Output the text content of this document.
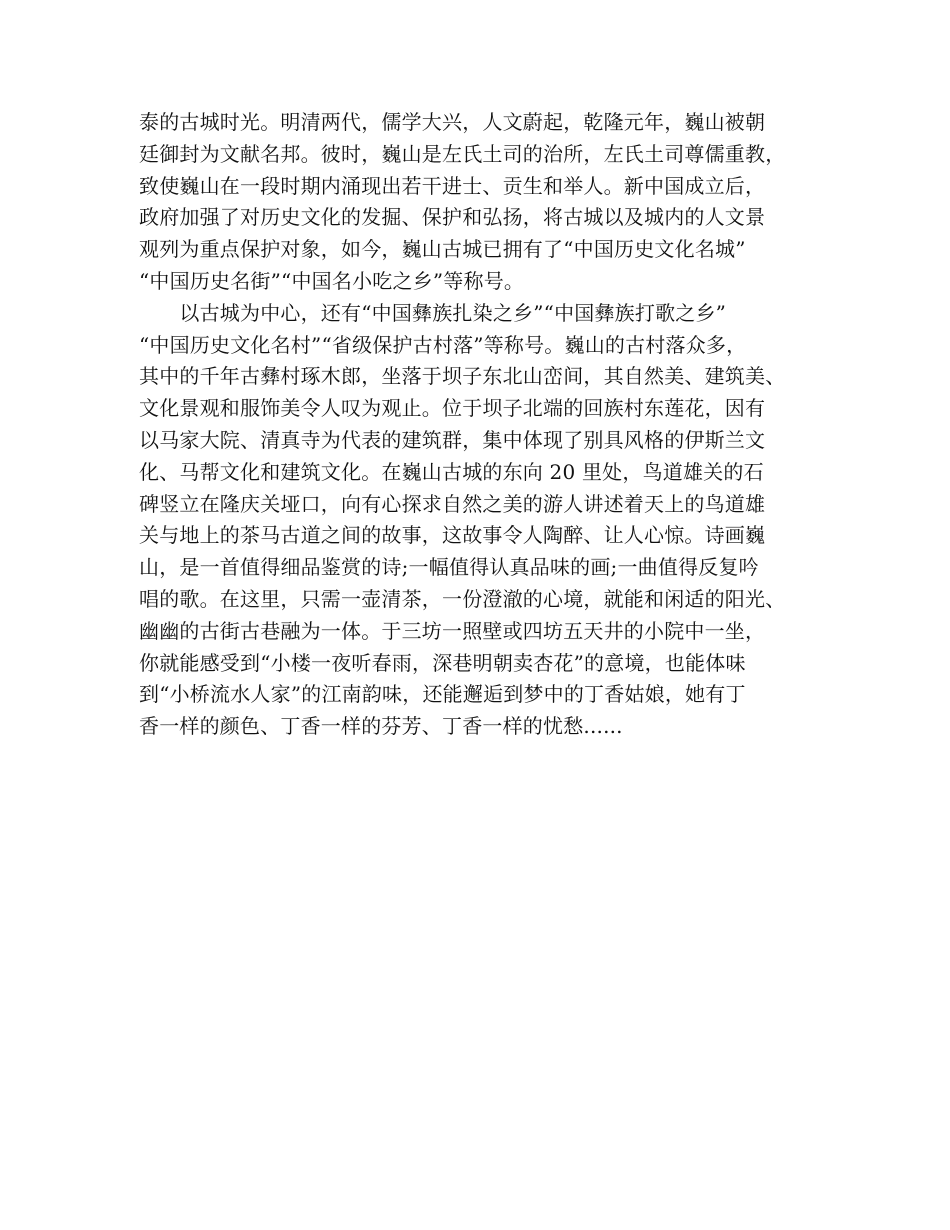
泰的古城时光。明清两代，儒学大兴，人文蔚起，乾隆元年，巍山被朝
廷御封为文献名邦。彼时，巍山是左氏土司的治所，左氏土司尊儒重教，
致使巍山在一段时期内涌现出若干进士、贡生和举人。新中国成立后，
政府加强了对历史文化的发掘、保护和弘扬，将古城以及城内的人文景
观列为重点保护对象，如今，巍山古城已拥有了“中国历史文化名城”
“中国历史名街”“中国名小吃之乡”等称号。
　　以古城为中心，还有“中国彝族扎染之乡”“中国彝族打歌之乡”
“中国历史文化名村”“省级保护古村落”等称号。巍山的古村落众多，
其中的千年古彝村琢木郎，坐落于坝子东北山峦间，其自然美、建筑美、
文化景观和服饰美令人叹为观止。位于坝子北端的回族村东莲花，因有
以马家大院、清真寺为代表的建筑群，集中体现了别具风格的伊斯兰文
化、马帮文化和建筑文化。在巍山古城的东向 20 里处，鸟道雄关的石
碑竖立在隆庆关垭口，向有心探求自然之美的游人讲述着天上的鸟道雄
关与地上的茶马古道之间的故事，这故事令人陶醉、让人心惊。诗画巍
山，是一首值得细品鉴赏的诗;一幅值得认真品味的画;一曲值得反复吟
唱的歌。在这里，只需一壶清茶，一份澄澈的心境，就能和闲适的阳光、
幽幽的古街古巷融为一体。于三坊一照壁或四坊五天井的小院中一坐，
你就能感受到“小楼一夜听春雨，深巷明朝卖杏花”的意境，也能体味
到“小桥流水人家”的江南韵味，还能邂逅到梦中的丁香姑娘，她有丁
香一样的颜色、丁香一样的芬芳、丁香一样的忧愁......
